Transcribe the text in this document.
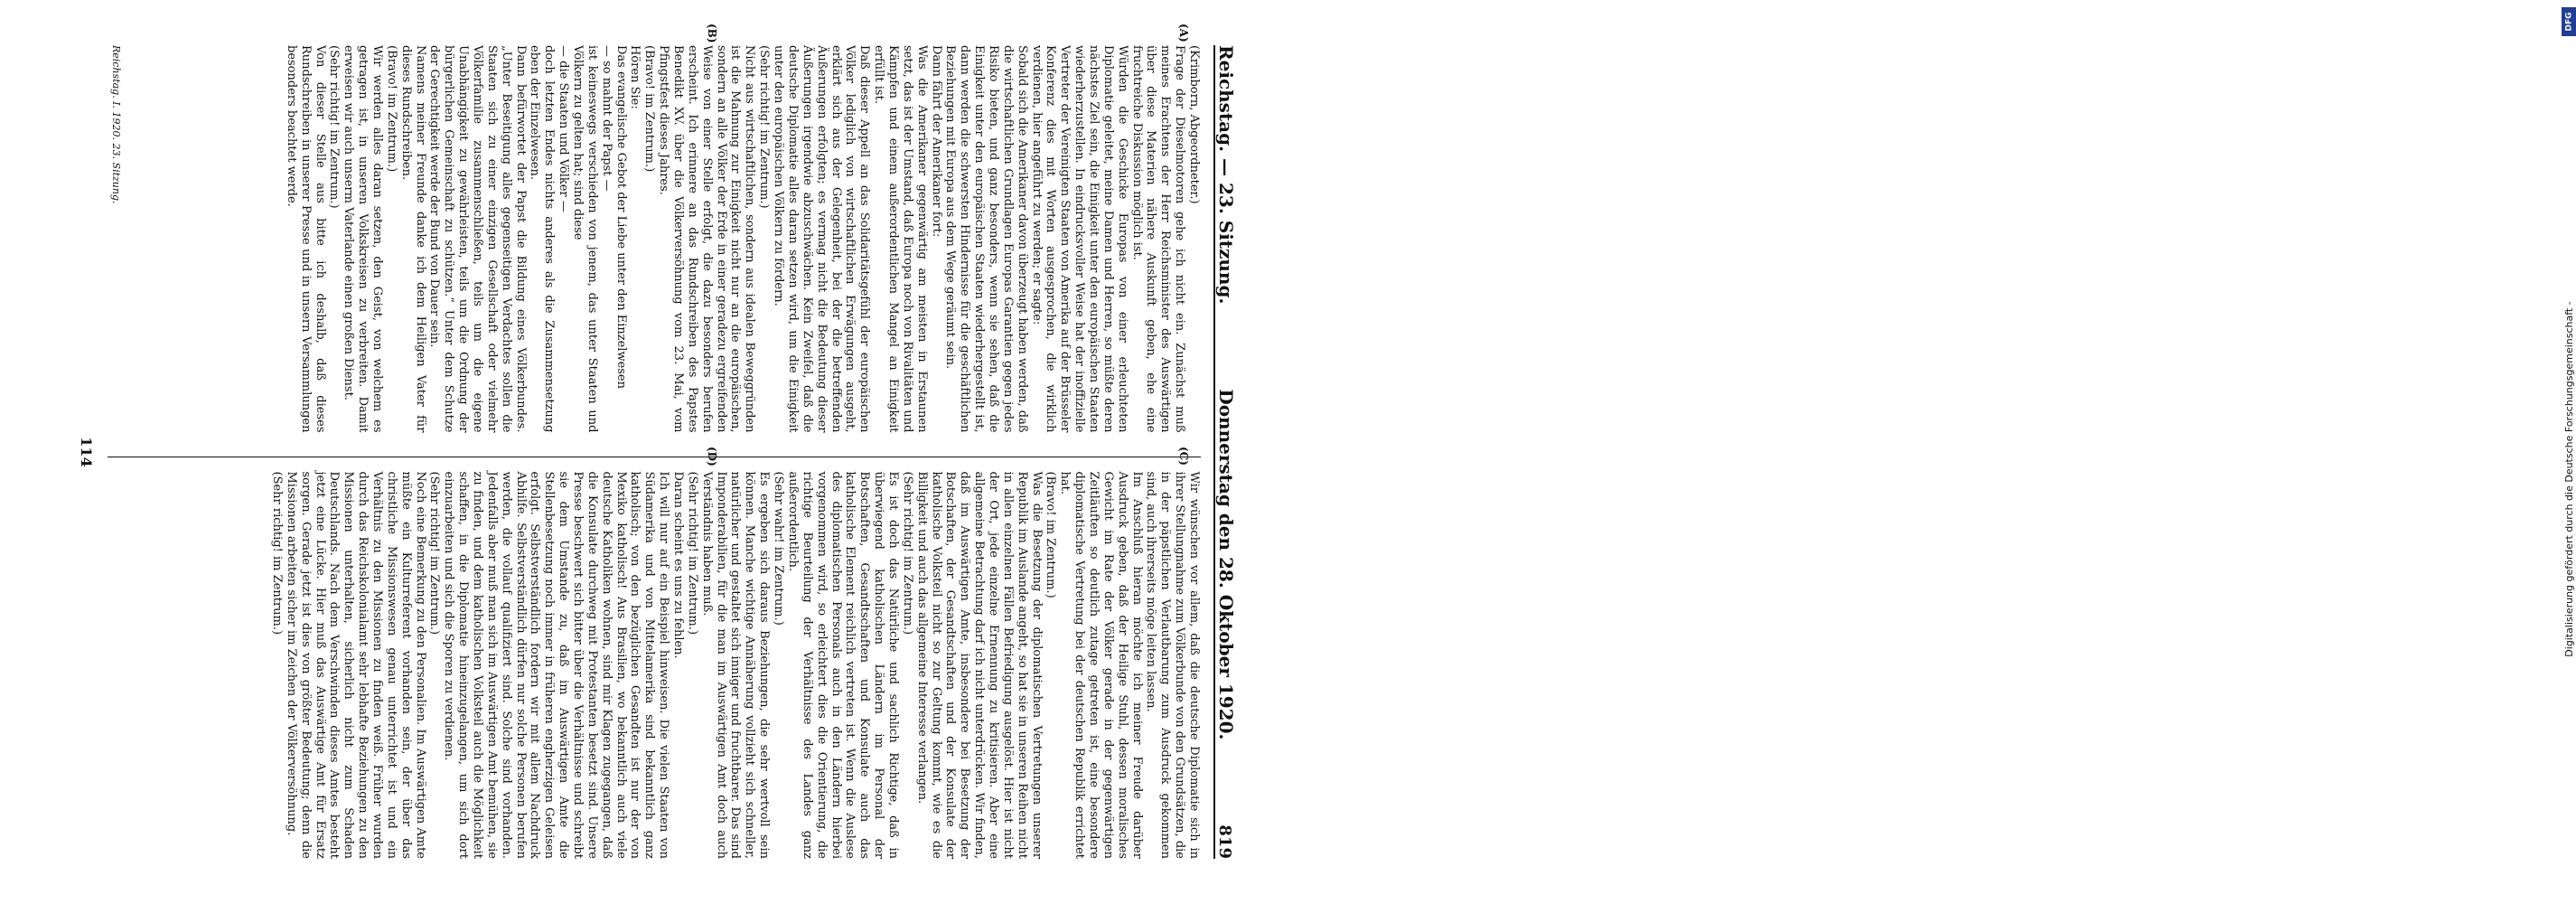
Reichstag. — 23. Sitzung.
Donnerstag den 28. Oktober 1920.
819
(A)
(B)
(C)
(D)
(Krimborn, Abgeordneter.)
Frage der Dieselmotoren gehe ich nicht ein. Zunächst muß meines Erachtens der Herr Reichsminister des Auswärtigen über diese Materien nähere Auskunft geben, ehe eine fruchtreiche Diskussion möglich ist.
Würden die Geschicke Europas von einer erleuchteten Diplomatie geleitet, meine Damen und Herren, so müßte deren nächstes Ziel sein, die Einigkeit unter den europäischen Staaten wiederherzustellen. In eindrucksvoller Weise hat der inoffizielle Vertreter der Vereinigten Staaten von Amerika auf der Brüsseler Konferenz dies mit Worten ausgesprochen, die wirklich verdienen, hier angeführt zu werden; er sagte:
Sobald sich die Amerikaner davon überzeugt haben werden, daß die wirtschaftlichen Grundlagen Europas Garantien gegen jedes Risiko bieten, und ganz besonders, wenn sie sehen, daß die Einigkeit unter den europäischen Staaten wiederhergestellt ist, dann werden die schwersten Hindernisse für die geschäftlichen Beziehungen mit Europa aus dem Wege geräumt sein.
Dann fährt der Amerikaner fort:
Was die Amerikaner gegenwärtig am meisten in Erstaunen setzt, das ist der Umstand, daß Europa noch von Rivalitäten und Kämpfen und einem außerordentlichen Mangel an Einigkeit erfüllt ist.
Daß dieser Appell an das Solidaritätsgefühl der europäischen Völker lediglich von wirtschaftlichen Erwägungen ausgeht, erklärt sich aus der Gelegenheit, bei der die betreffenden Äußerungen erfolgten; es vermag nicht die Bedeutung dieser Äußerungen irgendwie abzuschwächen. Kein Zweifel, daß die deutsche Diplomatie alles daran setzen wird, um die Einigkeit unter den europäischen Völkern zu fördern.
(Sehr richtig! im Zentrum.)
Nicht aus wirtschaftlichen, sondern aus idealen Beweggründen ist die Mahnung zur Einigkeit nicht nur an die europäischen, sondern an alle Völker der Erde in einer geradezu ergreifenden Weise von einer Stelle erfolgt, die dazu besonders berufen erscheint. Ich erinnere an das Rundschreiben des Papstes Benedikt XV. über die Völkerversöhnung vom 23. Mai, vom Pfingstfest dieses Jahres.
(Bravo! im Zentrum.)
Hören Sie:
Das evangelische Gebot der Liebe unter den Einzelwesen
— so mahnt der Papst —
ist keineswegs verschieden von jenem, das unter Staaten und Völkern zu gelten hat; sind diese
— die Staaten und Völker —
doch letzten Endes nichts anderes als die Zusammensetzung eben der Einzelwesen.
Dann befürwortet der Papst die Bildung eines Völkerbundes. „Unter Beseitigung alles gegenseitigen Verdachtes sollen die Staaten sich zu einer einzigen Gesellschaft oder vielmehr Völkerfamilie zusammenschließen, teils um die eigene Unabhängigkeit zu gewährleisten, teils um die Ordnung der bürgerlichen Gemeinschaft zu schützen.“ Unter dem Schutze der Gerechtigkeit werde der Bund von Dauer sein.
Namens meiner Freunde danke ich dem Heiligen Vater für dieses Rundschreiben.
(Bravo! im Zentrum.)
Wir werden alles daran setzen, den Geist, von welchem es getragen ist, in unseren Volkskreisen zu verbreiten. Damit erweisen wir auch unserm Vaterlande einen großen Dienst.
(Sehr richtig! im Zentrum.)
Von dieser Stelle aus bitte ich deshalb, daß dieses Rundschreiben in unserer Presse und in unsern Versammlungen besonders beachtet werde.
Wir wünschen vor allem, daß die deutsche Diplomatie sich in ihrer Stellungnahme zum Völkerbunde von den Grundsätzen, die in der päpstlichen Verlautbarung zum Ausdruck gekommen sind, auch ihrerseits möge leiten lassen.
Im Anschluß hieran möchte ich meiner Freude darüber Ausdruck geben, daß der Heilige Stuhl, dessen moralisches Gewicht im Rate der Völker gerade in der gegenwärtigen Zeitläuften so deutlich zutage getreten ist, eine besondere diplomatische Vertretung bei der deutschen Republik errichtet hat.
(Bravo! im Zentrum.)
Was die Besetzung der diplomatischen Vertretungen unserer Republik im Auslande angeht, so hat sie in unseren Reihen nicht in allen einzelnen Fällen Befriedigung ausgelöst. Hier ist nicht der Ort, jede einzelne Ernennung zu kritisieren. Aber eine allgemeine Betrachtung darf ich nicht unterdrücken. Wir finden, daß im Auswärtigen Amte, insbesondere bei Besetzung der Botschaften, der Gesandtschaften und der Konsulate der katholische Volksteil nicht so zur Geltung kommt, wie es die Billigkeit und auch das allgemeine Interesse verlangen.
(Sehr richtig! im Zentrum.)
Es ist doch das Natürliche und sachlich Richtige, daß in überwiegend katholischen Ländern im Personal der Botschaften, Gesandtschaften und Konsulate auch das katholische Element reichlich vertreten ist. Wenn die Auslese des diplomatischen Personals auch in den Ländern hierbei vorgenommen wird, so erleichtert dies die Orientierung, die richtige Beurteilung der Verhältnisse des Landes ganz außerordentlich.
(Sehr wahr! im Zentrum.)
Es ergeben sich daraus Beziehungen, die sehr wertvoll sein können. Manche wichtige Annäherung vollzieht sich schneller, natürlicher und gestaltet sich inniger und fruchtbarer. Das sind Imponderabilien, für die man im Auswärtigen Amt doch auch Verständnis haben muß.
(Sehr richtig! im Zentrum.)
Daran scheint es uns zu fehlen.
Ich will nur auf ein Beispiel hinweisen. Die vielen Staaten von Südamerika und von Mittelamerika sind bekanntlich ganz katholisch; von den bezüglichen Gesandten ist nur der von Mexiko katholisch! Aus Brasilien, wo bekanntlich auch viele deutsche Katholiken wohnen, sind mir Klagen zugegangen, daß die Konsulate durchweg mit Protestanten besetzt sind. Unsere Presse beschwert sich bitter über die Verhältnisse und schreibt sie dem Umstande zu, daß im Auswärtigen Amte die Stellenbesetzung noch immer in früheren engherzigen Geleisen erfolgt. Selbstverständlich fordern wir mit allem Nachdruck Abhilfe. Selbstverständlich dürfen nur solche Personen berufen werden, die vollauf qualifiziert sind. Solche sind vorhanden. Jedenfalls aber muß man sich im Auswärtigen Amt bemühen, sie zu finden, und dem katholischen Volksteil auch die Möglichkeit schaffen, in die Diplomatie hineinzugelangen, um sich dort einzuarbeiten und sich die Sporen zu verdienen.
(Sehr richtig! im Zentrum.)
Noch eine Bemerkung zu den Personalien. Im Auswärtigen Amte müßte ein Kulturreferent vorhanden sein, der über das christliche Missionswesen genau unterrichtet ist und ein Verhältnis zu den Missionen zu finden weiß. Früher wurden durch das Reichskolonialamt sehr lebhafte Beziehungen zu den Missionen unterhalten, sicherlich nicht zum Schaden Deutschlands. Nach dem Verschwinden dieses Amtes besteht jetzt eine Lücke. Hier muß das Auswärtige Amt für Ersatz sorgen. Gerade jetzt ist dies von größter Bedeutung; denn die Missionen arbeiten sicher im Zeichen der Völkerversöhnung.
(Sehr richtig! im Zentrum.)
Reichstag. I. 1920. 23. Sitzung.
114
DFG
Digitalisierung gefördert durch die Deutsche Forschungsgemeinschaft -
